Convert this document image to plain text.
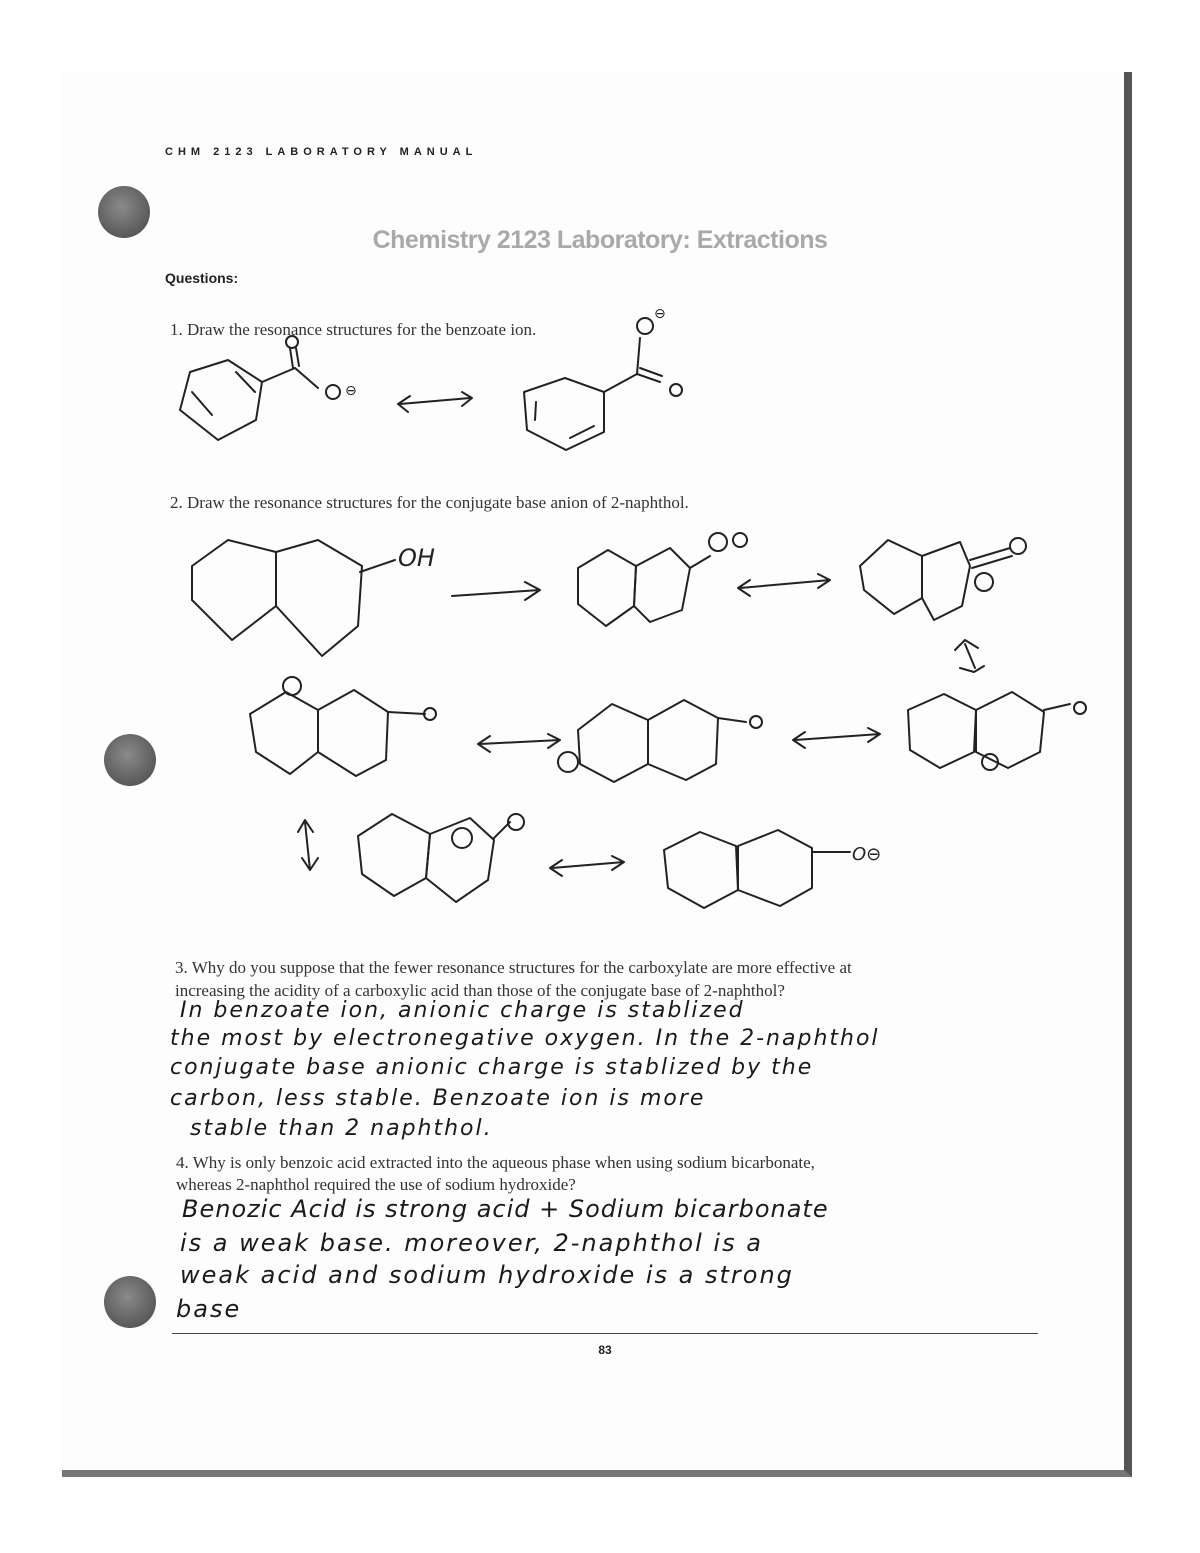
CHM 2123 LABORATORY MANUAL
Chemistry 2123 Laboratory: Extractions
Questions:
1. Draw the resonance structures for the benzoate ion.
2. Draw the resonance structures for the conjugate base anion of 2-naphthol.
⊖
⊖
OH
O⊖
3. Why do you suppose that the fewer resonance structures for the carboxylate are more effective at
increasing the acidity of a carboxylic acid than those of the conjugate base of 2-naphthol?
In benzoate ion, anionic charge is stablized
the most by electronegative oxygen. In the 2-naphthol
conjugate base anionic charge is stablized by the
carbon, less stable. Benzoate ion is more
stable than 2 naphthol.
4. Why is only benzoic acid extracted into the aqueous phase when using sodium bicarbonate,
whereas 2-naphthol required the use of sodium hydroxide?
Benozic Acid is strong acid + Sodium bicarbonate
is a weak base. moreover, 2-naphthol is a
weak acid and sodium hydroxide is a strong
base
83
